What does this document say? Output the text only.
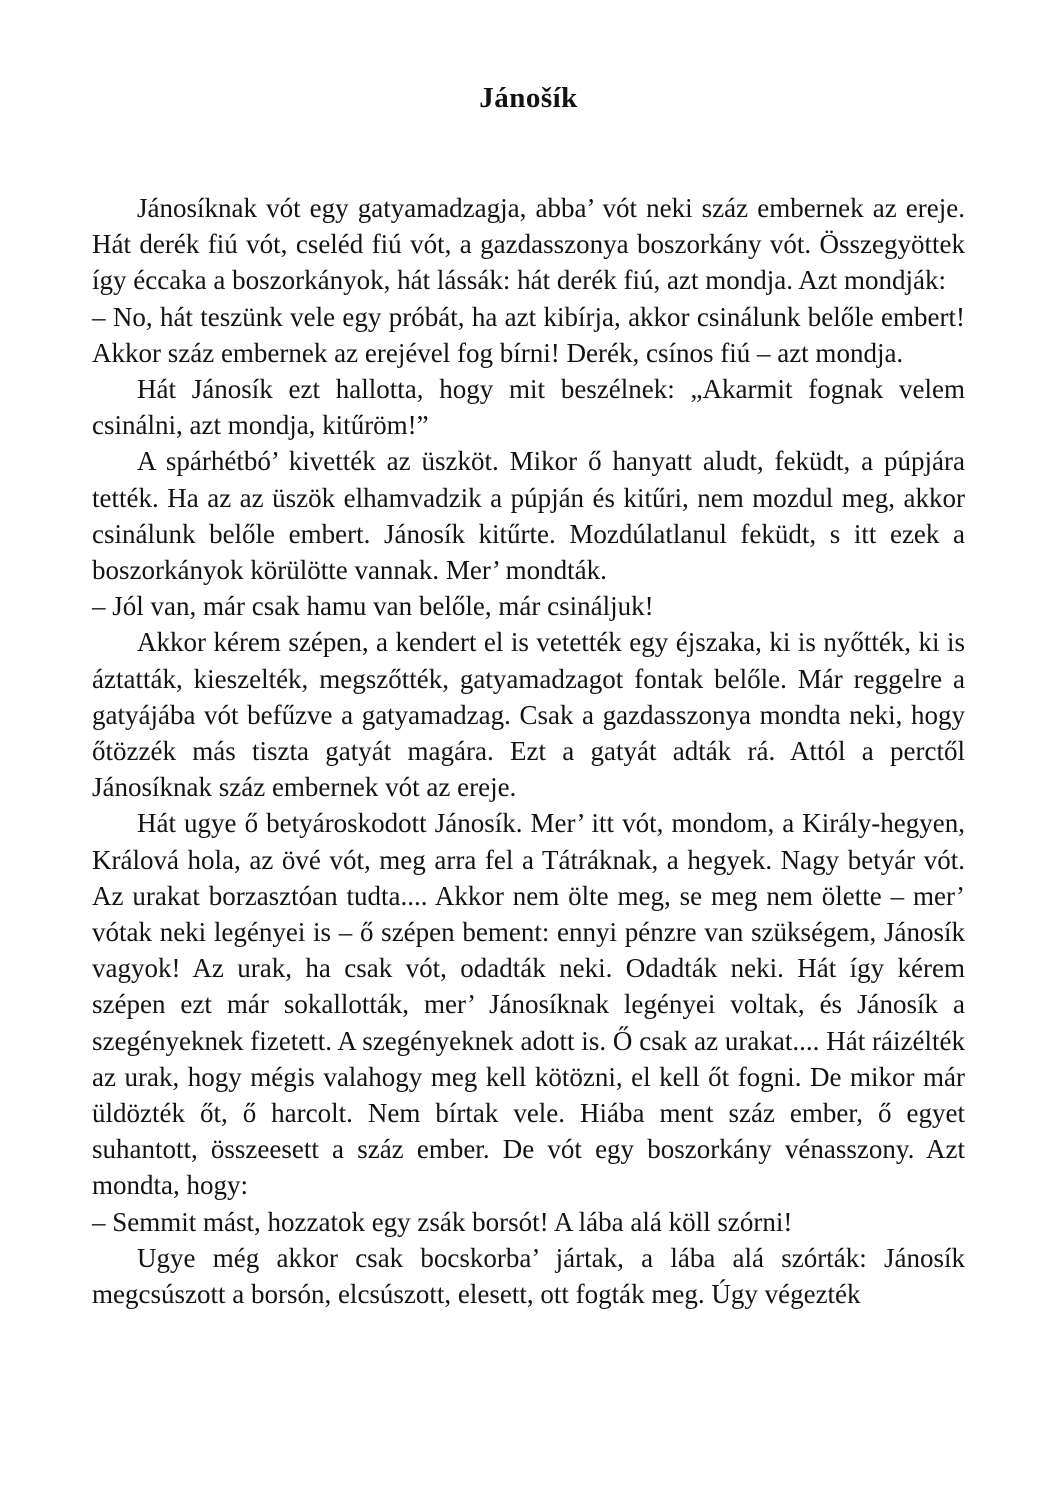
Jánošík

Jánosíknak vót egy gatyamadzagja, abba’ vót neki száz embernek az ereje. Hát derék fiú vót, cseléd fiú vót, a gazdasszonya boszorkány vót. Összegyöttek így éccaka a boszorkányok, hát lássák: hát derék fiú, azt mondja. Azt mondják:

– No, hát teszünk vele egy próbát, ha azt kibírja, akkor csinálunk belőle embert! Akkor száz embernek az erejével fog bírni! Derék, csínos fiú – azt mondja.

Hát Jánosík ezt hallotta, hogy mit beszélnek: „Akarmit fognak velem csinálni, azt mondja, kitűröm!”

A spárhétbó’ kivették az üszköt. Mikor ő hanyatt aludt, feküdt, a púpjára tették. Ha az az üszök elhamvadzik a púpján és kitűri, nem mozdul meg, akkor csinálunk belőle embert. Jánosík kitűrte. Mozdúlatlanul feküdt, s itt ezek a boszorkányok körülötte vannak. Mer’ mondták.

– Jól van, már csak hamu van belőle, már csináljuk!

Akkor kérem szépen, a kendert el is vetették egy éjszaka, ki is nyőtték, ki is áztatták, kieszelték, megszőtték, gatyamadzagot fontak belőle. Már reggelre a gatyájába vót befűzve a gatyamadzag. Csak a gazdasszonya mondta neki, hogy őtözzék más tiszta gatyát magára. Ezt a gatyát adták rá. Attól a perctől Jánosíknak száz embernek vót az ereje.

Hát ugye ő betyároskodott Jánosík. Mer’ itt vót, mondom, a Király-hegyen, Králová hola, az övé vót, meg arra fel a Tátráknak, a hegyek. Nagy betyár vót. Az urakat borzasztóan tudta.... Akkor nem ölte meg, se meg nem ölette – mer’ vótak neki legényei is – ő szépen bement: ennyi pénzre van szükségem, Jánosík vagyok! Az urak, ha csak vót, odadták neki. Odadták neki. Hát így kérem szépen ezt már sokallották, mer’ Jánosíknak legényei voltak, és Jánosík a szegényeknek fizetett. A szegényeknek adott is. Ő csak az urakat.... Hát ráizélték az urak, hogy mégis valahogy meg kell kötözni, el kell őt fogni. De mikor már üldözték őt, ő harcolt. Nem bírtak vele. Hiába ment száz ember, ő egyet suhantott, összeesett a száz ember. De vót egy boszorkány vénasszony. Azt mondta, hogy:

– Semmit mást, hozzatok egy zsák borsót! A lába alá köll szórni!

Ugye még akkor csak bocskorba’ jártak, a lába alá szórták: Jánosík megcsúszott a borsón, elcsúszott, elesett, ott fogták meg. Úgy végezték
